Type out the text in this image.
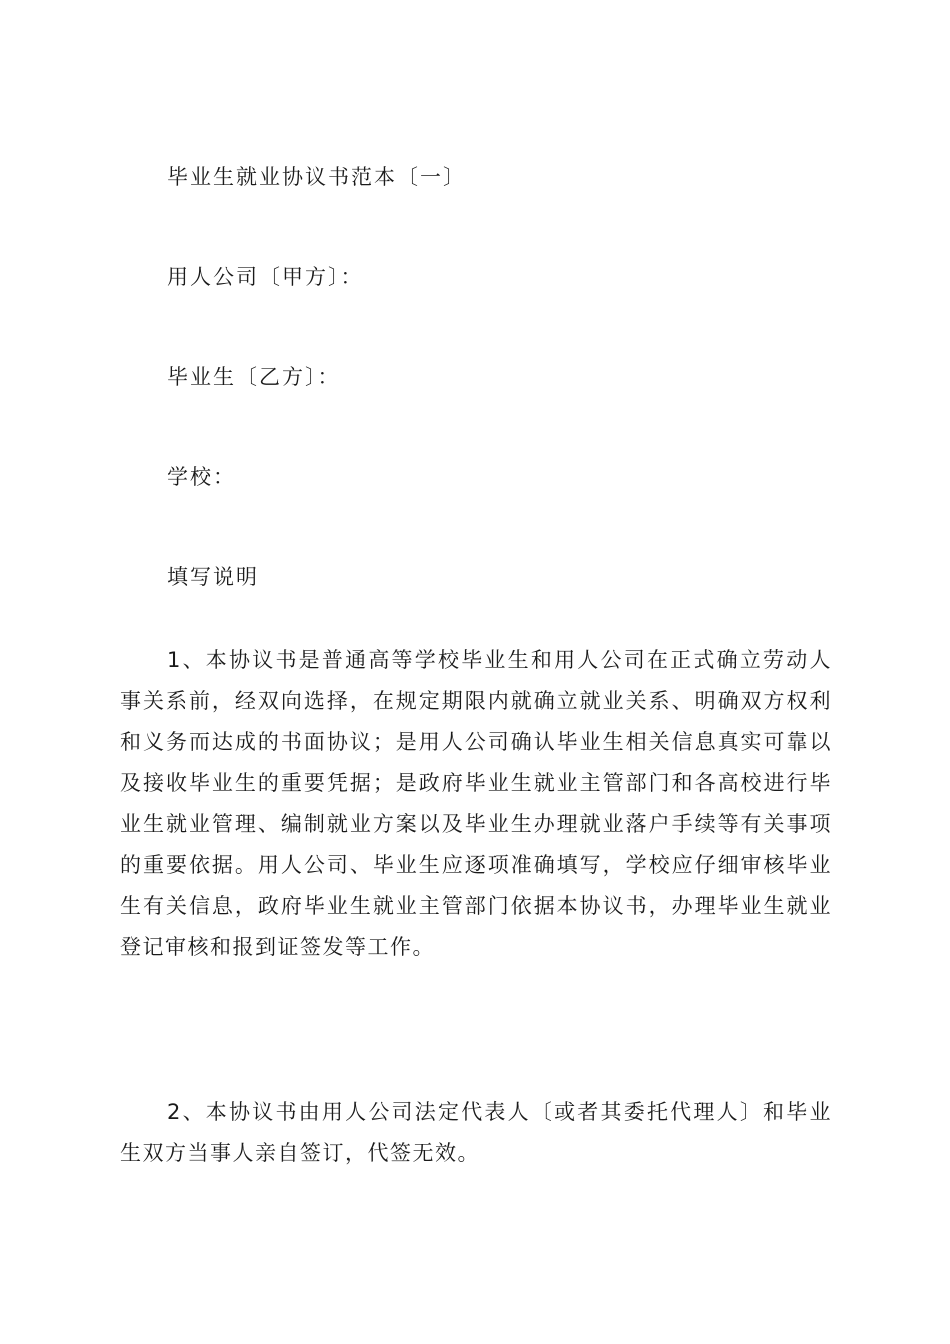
毕业生就业协议书范本〔一〕
用人公司〔甲方〕：
毕业生〔乙方〕：
学校：
填写说明

1、本协议书是普通高等学校毕业生和用人公司在正式确立劳动人事关系前，经双向选择，在规定期限内就确立就业关系、明确双方权利和义务而达成的书面协议；是用人公司确认毕业生相关信息真实可靠以及接收毕业生的重要凭据；是政府毕业生就业主管部门和各高校进行毕业生就业管理、编制就业方案以及毕业生办理就业落户手续等有关事项的重要依据。用人公司、毕业生应逐项准确填写，学校应仔细审核毕业生有关信息，政府毕业生就业主管部门依据本协议书，办理毕业生就业登记审核和报到证签发等工作。

2、本协议书由用人公司法定代表人〔或者其委托代理人〕和毕业生双方当事人亲自签订，代签无效。
